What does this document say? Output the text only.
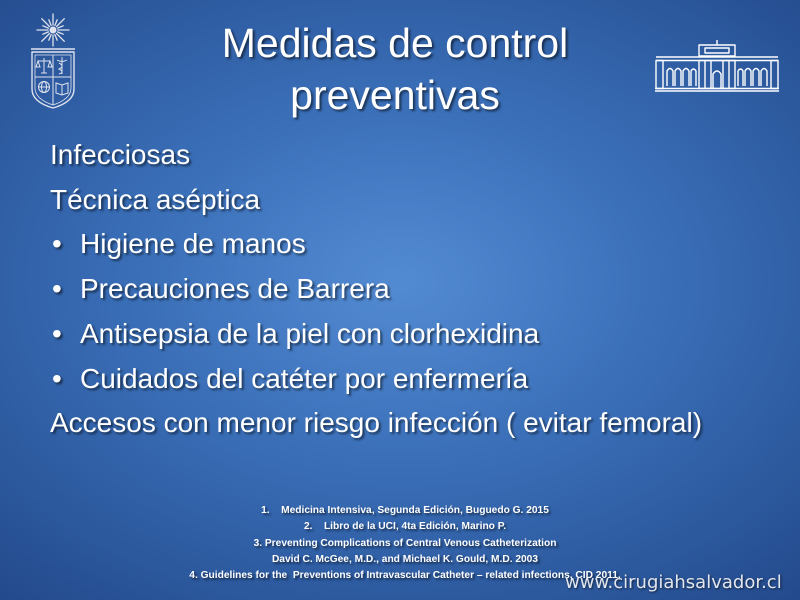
Medidas de control preventivas
Infecciosas
Técnica aséptica
• Higiene de manos
• Precauciones de Barrera
• Antisepsia de la piel con clorhexidina
• Cuidados del catéter por enfermería
Accesos con menor riesgo infección ( evitar femoral)
1. Medicina Intensiva, Segunda Edición, Buguedo G. 2015
2. Libro de la UCI, 4ta Edición, Marino P.
3. Preventing Complications of Central Venous Catheterization
David C. McGee, M.D., and Michael K. Gould, M.D. 2003
4. Guidelines for the  Preventions of Intravascular Catheter – related infections, CID 2011.
www.cirugiahsalvador.cl
